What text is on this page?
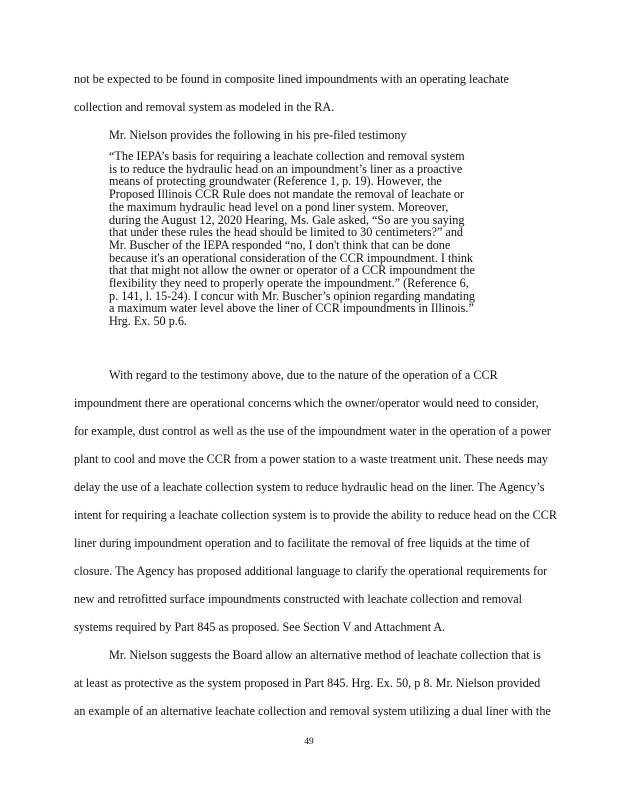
not be expected to be found in composite lined impoundments with an operating leachate
collection and removal system as modeled in the RA.
Mr. Nielson provides the following in his pre-filed testimony
“The IEPA’s basis for requiring a leachate collection and removal system
is to reduce the hydraulic head on an impoundment’s liner as a proactive
means of protecting groundwater (Reference 1, p. 19). However, the
Proposed Illinois CCR Rule does not mandate the removal of leachate or
the maximum hydraulic head level on a pond liner system. Moreover,
during the August 12, 2020 Hearing, Ms. Gale asked, “So are you saying
that under these rules the head should be limited to 30 centimeters?” and
Mr. Buscher of the IEPA responded “no, I don't think that can be done
because it's an operational consideration of the CCR impoundment. I think
that that might not allow the owner or operator of a CCR impoundment the
flexibility they need to properly operate the impoundment.” (Reference 6,
p. 141, l. 15-24). I concur with Mr. Buscher’s opinion regarding mandating
a maximum water level above the liner of CCR impoundments in Illinois.”
Hrg. Ex. 50 p.6.
With regard to the testimony above, due to the nature of the operation of a CCR
impoundment there are operational concerns which the owner/operator would need to consider,
for example, dust control as well as the use of the impoundment water in the operation of a power
plant to cool and move the CCR from a power station to a waste treatment unit. These needs may
delay the use of a leachate collection system to reduce hydraulic head on the liner. The Agency’s
intent for requiring a leachate collection system is to provide the ability to reduce head on the CCR
liner during impoundment operation and to facilitate the removal of free liquids at the time of
closure. The Agency has proposed additional language to clarify the operational requirements for
new and retrofitted surface impoundments constructed with leachate collection and removal
systems required by Part 845 as proposed. See Section V and Attachment A.
Mr. Nielson suggests the Board allow an alternative method of leachate collection that is
at least as protective as the system proposed in Part 845. Hrg. Ex. 50, p 8. Mr. Nielson provided
an example of an alternative leachate collection and removal system utilizing a dual liner with the
49
